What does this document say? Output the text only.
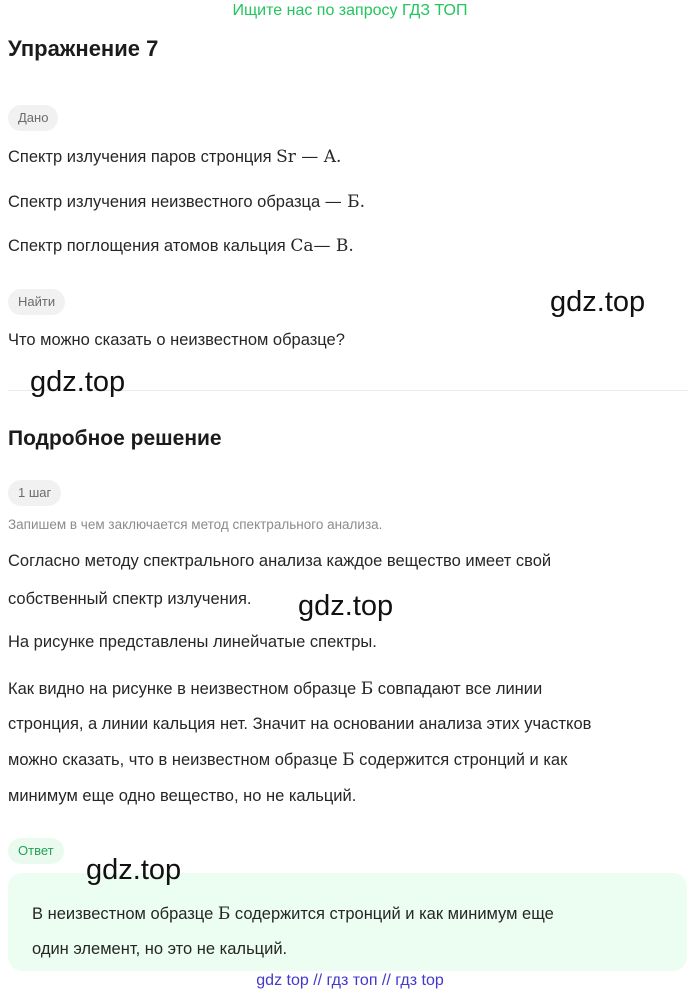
Ищите нас по запросу ГДЗ ТОП
Упражнение 7
Дано
Спектр излучения паров стронция Sr — A.
Спектр излучения неизвестного образца — Б.
Спектр поглощения атомов кальция Ca— B.
Найти
Что можно сказать о неизвестном образце?
Подробное решение
1 шаг
Запишем в чем заключается метод спектрального анализа.
Согласно методу спектрального анализа каждое вещество имеет свой
собственный спектр излучения.
На рисунке представлены линейчатые спектры.
Как видно на рисунке в неизвестном образце Б совпадают все линии
стронция, а линии кальция нет. Значит на основании анализа этих участков
можно сказать, что в неизвестном образце Б содержится стронций и как
минимум еще одно вещество, но не кальций.
Ответ
В неизвестном образце Б содержится стронций и как минимум еще
один элемент, но это не кальций.
gdz.top
gdz.top
gdz.top
gdz.top
gdz top // гдз топ // гдз top
